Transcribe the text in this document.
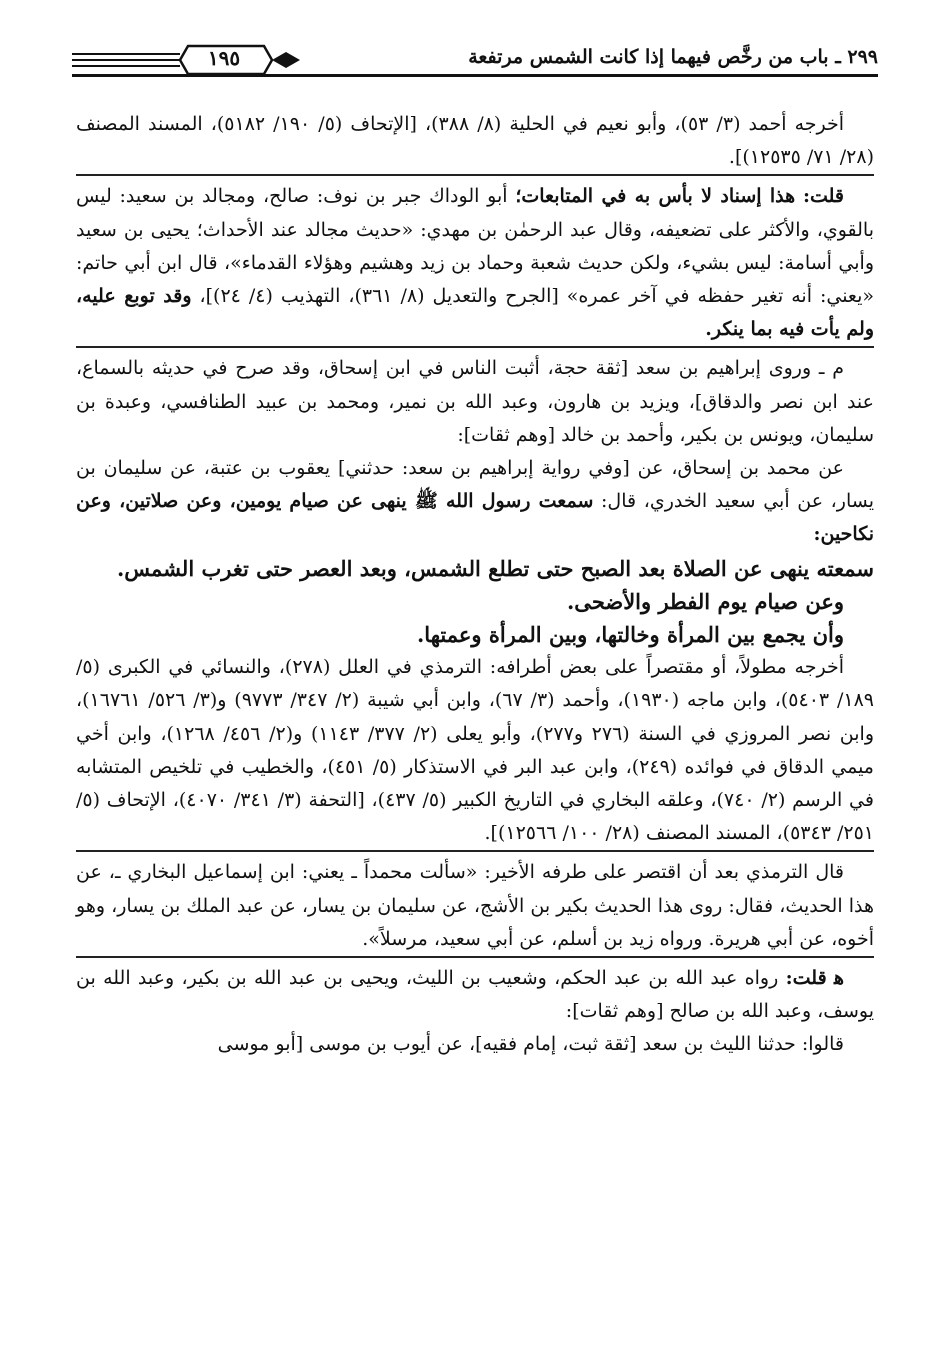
٢٩٩ ـ باب من رخَّص فيهما إذا كانت الشمس مرتفعة
١٩٥

أخرجه أحمد (٣/ ٥٣)، وأبو نعيم في الحلية (٨/ ٣٨٨)، [الإتحاف (٥/ ١٩٠/ ٥١٨٢)، المسند المصنف (٢٨/ ٧١/ ١٢٥٣٥)].

قلت: هذا إسناد لا بأس به في المتابعات؛ أبو الوداك جبر بن نوف: صالح، ومجالد بن سعيد: ليس بالقوي، والأكثر على تضعيفه، وقال عبد الرحمٰن بن مهدي: «حديث مجالد عند الأحداث؛ يحيى بن سعيد وأبي أسامة: ليس بشيء، ولكن حديث شعبة وحماد بن زيد وهشيم وهؤلاء القدماء»، قال ابن أبي حاتم: «يعني: أنه تغير حفظه في آخر عمره» [الجرح والتعديل (٨/ ٣٦١)، التهذيب (٤/ ٢٤)]، وقد توبع عليه، ولم يأت فيه بما ينكر.

م ـ وروى إبراهيم بن سعد [ثقة حجة، أثبت الناس في ابن إسحاق، وقد صرح في حديثه بالسماع، عند ابن نصر والدقاق]، ويزيد بن هارون، وعبد الله بن نمير، ومحمد بن عبيد الطنافسي، وعبدة بن سليمان، ويونس بن بكير، وأحمد بن خالد [وهم ثقات]:

عن محمد بن إسحاق، عن [وفي رواية إبراهيم بن سعد: حدثني] يعقوب بن عتبة، عن سليمان بن يسار، عن أبي سعيد الخدري، قال: سمعت رسول الله ﷺ ينهى عن صيام يومين، وعن صلاتين، وعن نكاحين:

سمعته ينهى عن الصلاة بعد الصبح حتى تطلع الشمس، وبعد العصر حتى تغرب الشمس.

وعن صيام يوم الفطر والأضحى.

وأن يجمع بين المرأة وخالتها، وبين المرأة وعمتها.

أخرجه مطولاً، أو مقتصراً على بعض أطرافه: الترمذي في العلل (٢٧٨)، والنسائي في الكبرى (٥/ ١٨٩/ ٥٤٠٣)، وابن ماجه (١٩٣٠)، وأحمد (٣/ ٦٧)، وابن أبي شيبة (٢/ ٣٤٧/ ٩٧٧٣) و(٣/ ٥٢٦/ ١٦٧٦١)، وابن نصر المروزي في السنة (٢٧٦ و٢٧٧)، وأبو يعلى (٢/ ٣٧٧/ ١١٤٣) و(٢/ ٤٥٦/ ١٢٦٨)، وابن أخي ميمي الدقاق في فوائده (٢٤٩)، وابن عبد البر في الاستذكار (٥/ ٤٥١)، والخطيب في تلخيص المتشابه في الرسم (٢/ ٧٤٠)، وعلقه البخاري في التاريخ الكبير (٥/ ٤٣٧)، [التحفة (٣/ ٣٤١/ ٤٠٧٠)، الإتحاف (٥/ ٢٥١/ ٥٣٤٣)، المسند المصنف (٢٨/ ١٠٠/ ١٢٥٦٦)].

قال الترمذي بعد أن اقتصر على طرفه الأخير: «سألت محمداً ـ يعني: ابن إسماعيل البخاري ـ، عن هذا الحديث، فقال: روى هذا الحديث بكير بن الأشج، عن سليمان بن يسار، عن عبد الملك بن يسار، وهو أخوه، عن أبي هريرة. ورواه زيد بن أسلم، عن أبي سعيد، مرسلاً».

ﻫ قلت: رواه عبد الله بن عبد الحكم، وشعيب بن الليث، ويحيى بن عبد الله بن بكير، وعبد الله بن يوسف، وعبد الله بن صالح [وهم ثقات]:

قالوا: حدثنا الليث بن سعد [ثقة ثبت، إمام فقيه]، عن أيوب بن موسى [أبو موسى
